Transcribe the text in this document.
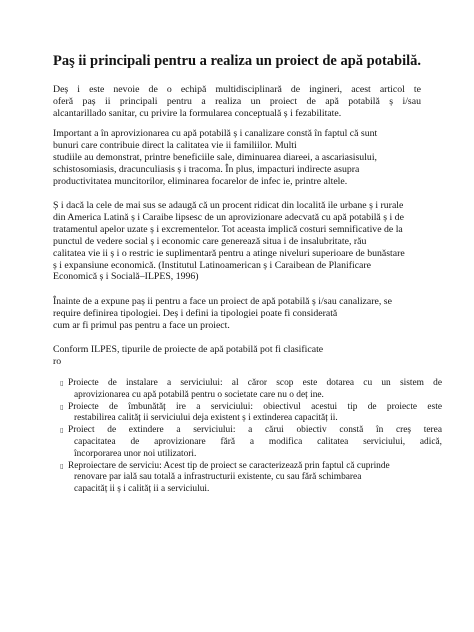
Paş ii principali pentru a realiza un proiect de apă potabilă.
Deș i este nevoie de o echipă multidisciplinară de ingineri, acest articol te
oferă paș ii principali pentru a realiza un proiect de apă potabilă ș i/sau
alcantarillado sanitar, cu privire la formularea conceptuală ș i fezabilitate.
Important a în aprovizionarea cu apă potabilă ș i canalizare constă în faptul că sunt
bunuri care contribuie direct la calitatea vie ii familiilor. Multi
studiile au demonstrat, printre beneficiile sale, diminuarea diareei, a ascariasisului,
schistosomiasis, dracunculiasis ș i tracoma. În plus, impacturi indirecte asupra
productivitatea muncitorilor, eliminarea focarelor de infec ie, printre altele.
Ș i dacă la cele de mai sus se adaugă că un procent ridicat din localită ile urbane ș i rurale
din America Latină ș i Caraibe lipsesc de un aprovizionare adecvată cu apă potabilă ș i de
tratamentul apelor uzate ș i excrementelor. Tot aceasta implică costuri semnificative de la
punctul de vedere social ș i economic care generează situa i de insalubritate, rău
calitatea vie ii ș i o restric ie suplimentară pentru a atinge niveluri superioare de bunăstare
ș i expansiune economică. (Institutul Latinoamerican ș i Caraibean de Planificare
Economică ș i Socială–ILPES, 1996)
Înainte de a expune paș ii pentru a face un proiect de apă potabilă ș i/sau canalizare, se
require definirea tipologiei. Deș i defini ia tipologiei poate fi considerată
cum ar fi primul pas pentru a face un proiect.
Conform ILPES, tipurile de proiecte de apă potabilă pot fi clasificate
ro
▯ Proiecte de instalare a serviciului: al căror scop este dotarea cu un sistem de
aprovizionarea cu apă potabilă pentru o societate care nu o deț ine.
▯ Proiecte de îmbunătăț ire a serviciului: obiectivul acestui tip de proiecte este
restabilirea calităț ii serviciului deja existent ș i extinderea capacităț ii.
▯ Proiect de extindere a serviciului: a cărui obiectiv constă în creș terea
capacitatea de aprovizionare fără a modifica calitatea serviciului, adică,
încorporarea unor noi utilizatori.
▯ Reproiectare de serviciu: Acest tip de proiect se caracterizează prin faptul că cuprinde
renovare par ială sau totală a infrastructurii existente, cu sau fără schimbarea
capacităț ii ș i calităț ii a serviciului.
